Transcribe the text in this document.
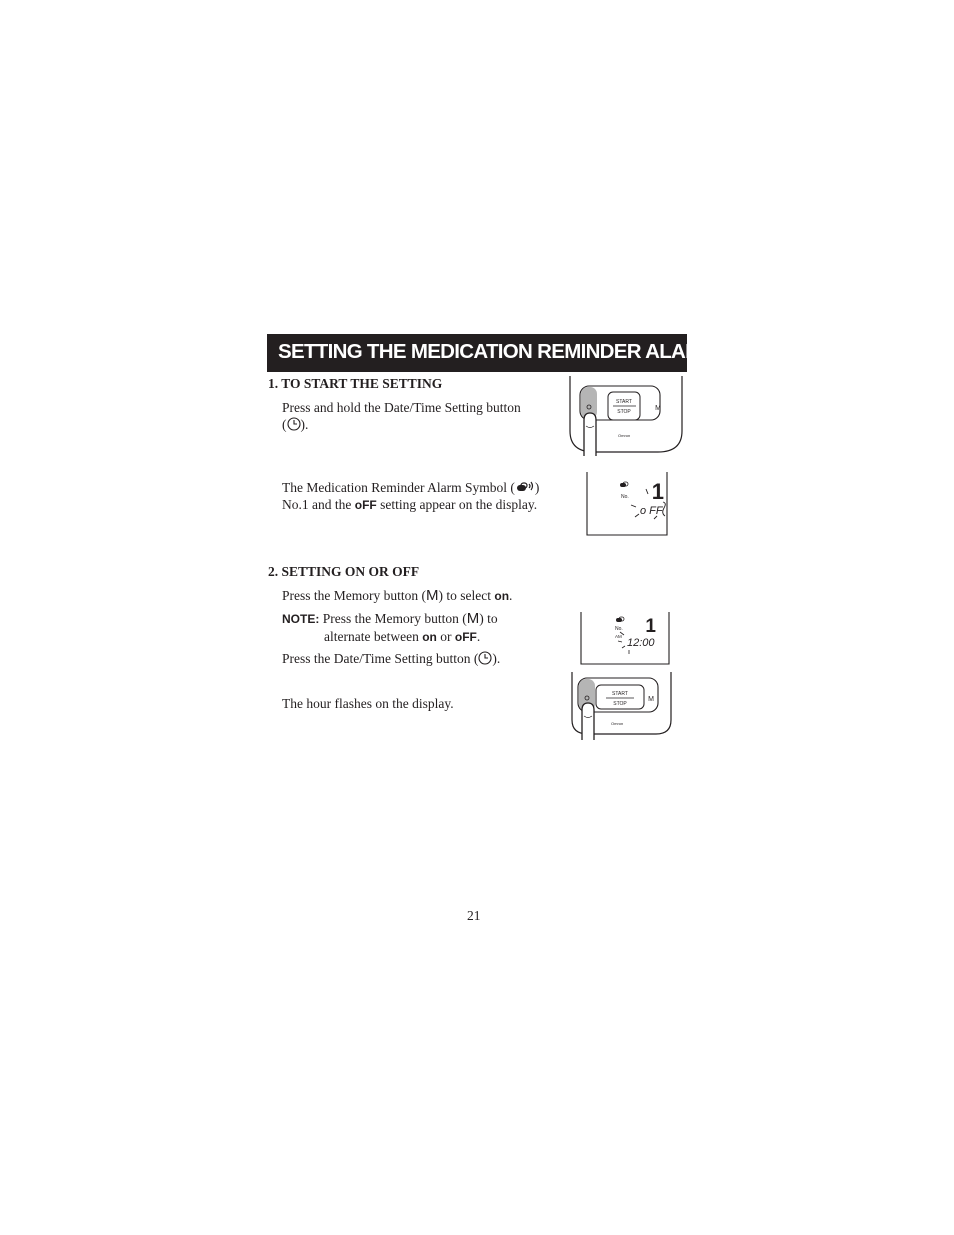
SETTING THE MEDICATION REMINDER ALARM
1. TO START THE SETTING
Press and hold the Date/Time Setting button
( ).
The Medication Reminder Alarm Symbol ( )
No.1 and the oFF setting appear on the display.
2. SETTING ON OR OFF
Press the Memory button (M) to select on.
NOTE: Press the Memory button (M) to
alternate between on or oFF.
Press the Date/Time Setting button ( ).
The hour flashes on the display.
START
STOP	M
Omron
No. 1
o FF
No.
AM 1
12:00
START
STOP
M
Omron
21
